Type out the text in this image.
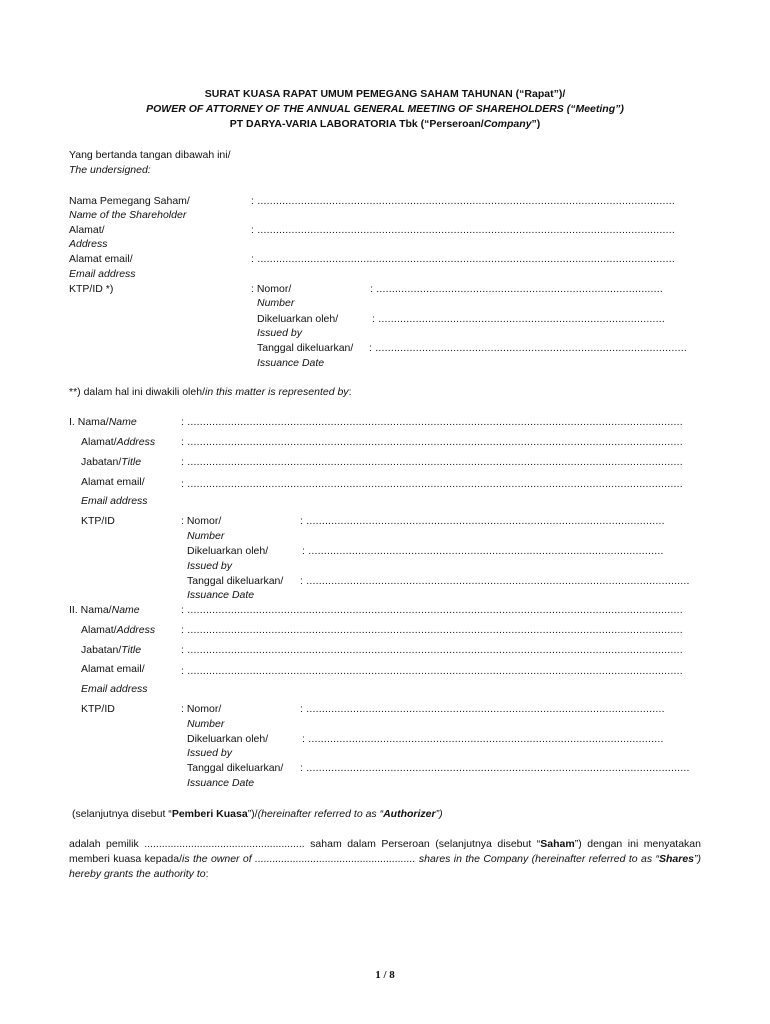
SURAT KUASA RAPAT UMUM PEMEGANG SAHAM TAHUNAN (“Rapat”)/
POWER OF ATTORNEY OF THE ANNUAL GENERAL MEETING OF SHAREHOLDERS (“Meeting”)
PT DARYA-VARIA LABORATORIA Tbk (“Perseroan/Company”)
Yang bertanda tangan dibawah ini/
The undersigned:
Nama Pemegang Saham/
Name of the Shareholder
: ......................................................................................................................................
Alamat/
Address
: ......................................................................................................................................
Alamat email/
Email address
: ......................................................................................................................................
KTP/ID *)	: Nomor/
Number
: ............................................................................................
Dikeluarkan oleh/
Issued by
: ............................................................................................
Tanggal dikeluarkan/
Issuance Date
: ....................................................................................................
**) dalam hal ini diwakili oleh/in this matter is represented by:
I. Nama/Name	: ...............................................................................................................................................................
Alamat/Address : ...............................................................................................................................................................
Jabatan/Title	: ...............................................................................................................................................................
Alamat email/
Email address
: ...............................................................................................................................................................
KTP/ID	: Nomor/
Number
: ...................................................................................................................
Dikeluarkan oleh/
Issued by
: ..................................................................................................................
Tanggal dikeluarkan/
Issuance Date
: ...........................................................................................................................
II. Nama/Name	: ...............................................................................................................................................................
Alamat/Address : ...............................................................................................................................................................
Jabatan/Title	: ...............................................................................................................................................................
Alamat email/
Email address
: ...............................................................................................................................................................
KTP/ID	: Nomor/
Number
: ...................................................................................................................
Dikeluarkan oleh/
Issued by
: ..................................................................................................................
Tanggal dikeluarkan/
Issuance Date
: ...........................................................................................................................
(selanjutnya disebut “Pemberi Kuasa”)/(hereinafter referred to as “Authorizer”)
adalah pemilik ....................................................... saham dalam Perseroan (selanjutnya disebut “Saham”) dengan ini menyatakan memberi kuasa kepada/is the owner of ....................................................... shares in the Company (hereinafter referred to as “Shares”) hereby grants the authority to:
1 / 8
